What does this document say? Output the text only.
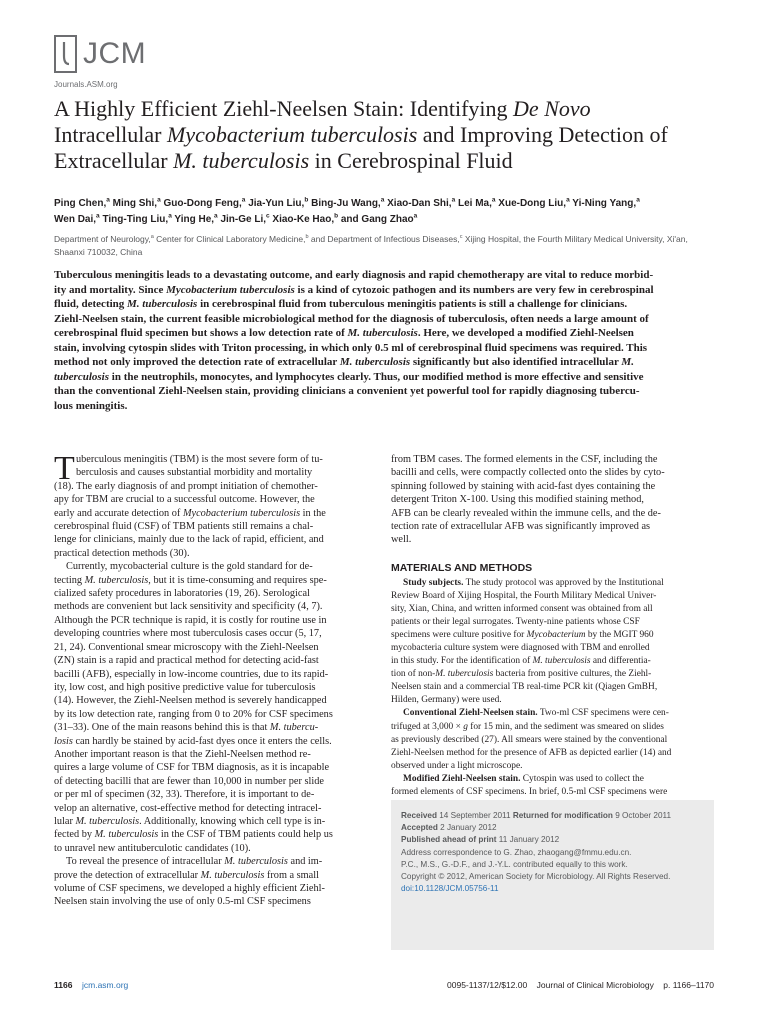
JCM
Journals.ASM.org
A Highly Efficient Ziehl-Neelsen Stain: Identifying De Novo
Intracellular Mycobacterium tuberculosis and Improving Detection of
Extracellular M. tuberculosis in Cerebrospinal Fluid
Ping Chen,$^a$ Ming Shi,$^a$ Guo-Dong Feng,$^a$ Jia-Yun Liu,$^b$ Bing-Ju Wang,$^a$ Xiao-Dan Shi,$^a$ Lei Ma,$^a$ Xue-Dong Liu,$^a$ Yi-Ning Yang,$^a$
Wen Dai,$^a$ Ting-Ting Liu,$^a$ Ying He,$^a$ Jin-Ge Li,$^c$ Xiao-Ke Hao,$^b$ and Gang Zhao$^a$
Department of Neurology,$^a$ Center for Clinical Laboratory Medicine,$^b$ and Department of Infectious Diseases,$^c$ Xijing Hospital, the Fourth Military Medical University, Xi'an,
Shaanxi 710032, China
Tuberculous meningitis leads to a devastating outcome, and early diagnosis and rapid chemotherapy are vital to reduce morbid-
ity and mortality. Since Mycobacterium tuberculosis is a kind of cytozoic pathogen and its numbers are very few in cerebrospinal
fluid, detecting M. tuberculosis in cerebrospinal fluid from tuberculous meningitis patients is still a challenge for clinicians.
Ziehl-Neelsen stain, the current feasible microbiological method for the diagnosis of tuberculosis, often needs a large amount of
cerebrospinal fluid specimen but shows a low detection rate of M. tuberculosis. Here, we developed a modified Ziehl-Neelsen
stain, involving cytospin slides with Triton processing, in which only 0.5 ml of cerebrospinal fluid specimens was required. This
method not only improved the detection rate of extracellular M. tuberculosis significantly but also identified intracellular M.
tuberculosis in the neutrophils, monocytes, and lymphocytes clearly. Thus, our modified method is more effective and sensitive
than the conventional Ziehl-Neelsen stain, providing clinicians a convenient yet powerful tool for rapidly diagnosing tubercu-
lous meningitis.
T uberculous meningitis (TBM) is the most severe form of tu-
berculosis and causes substantial morbidity and mortality
(18). The early diagnosis of and prompt initiation of chemother-
apy for TBM are crucial to a successful outcome. However, the
early and accurate detection of Mycobacterium tuberculosis in the
cerebrospinal fluid (CSF) of TBM patients still remains a chal-
lenge for clinicians, mainly due to the lack of rapid, efficient, and
practical detection methods (30).
Currently, mycobacterial culture is the gold standard for de-
tecting M. tuberculosis, but it is time-consuming and requires spe-
cialized safety procedures in laboratories (19, 26). Serological
methods are convenient but lack sensitivity and specificity (4, 7).
Although the PCR technique is rapid, it is costly for routine use in
developing countries where most tuberculosis cases occur (5, 17,
21, 24). Conventional smear microscopy with the Ziehl-Neelsen
(ZN) stain is a rapid and practical method for detecting acid-fast
bacilli (AFB), especially in low-income countries, due to its rapid-
ity, low cost, and high positive predictive value for tuberculosis
(14). However, the Ziehl-Neelsen method is severely handicapped
by its low detection rate, ranging from 0 to 20% for CSF specimens
(31–33). One of the main reasons behind this is that M. tubercu-
losis can hardly be stained by acid-fast dyes once it enters the cells.
Another important reason is that the Ziehl-Neelsen method re-
quires a large volume of CSF for TBM diagnosis, as it is incapable
of detecting bacilli that are fewer than 10,000 in number per slide
or per ml of specimen (32, 33). Therefore, it is important to de-
velop an alternative, cost-effective method for detecting intracel-
lular M. tuberculosis. Additionally, knowing which cell type is in-
fected by M. tuberculosis in the CSF of TBM patients could help us
to unravel new antituberculotic candidates (10).
To reveal the presence of intracellular M. tuberculosis and im-
prove the detection of extracellular M. tuberculosis from a small
volume of CSF specimens, we developed a highly efficient Ziehl-
Neelsen stain involving the use of only 0.5-ml CSF specimens
from TBM cases. The formed elements in the CSF, including the
bacilli and cells, were compactly collected onto the slides by cyto-
spinning followed by staining with acid-fast dyes containing the
detergent Triton X-100. Using this modified staining method,
AFB can be clearly revealed within the immune cells, and the de-
tection rate of extracellular AFB was significantly improved as
well.
MATERIALS AND METHODS
Study subjects. The study protocol was approved by the Institutional
Review Board of Xijing Hospital, the Fourth Military Medical Univer-
sity, Xian, China, and written informed consent was obtained from all
patients or their legal surrogates. Twenty-nine patients whose CSF
specimens were culture positive for Mycobacterium by the MGIT 960
mycobacteria culture system were diagnosed with TBM and enrolled
in this study. For the identification of M. tuberculosis and differentia-
tion of non-M. tuberculosis bacteria from positive cultures, the Ziehl-
Neelsen stain and a commercial TB real-time PCR kit (Qiagen GmBH,
Hilden, Germany) were used.
Conventional Ziehl-Neelsen stain. Two-ml CSF specimens were cen-
trifuged at 3,000 × g for 15 min, and the sediment was smeared on slides
as previously described (27). All smears were stained by the conventional
Ziehl-Neelsen method for the presence of AFB as depicted earlier (14) and
observed under a light microscope.
Modified Ziehl-Neelsen stain. Cytospin was used to collect the
formed elements of CSF specimens. In brief, 0.5-ml CSF specimens were
Received 14 September 2011 Returned for modification 9 October 2011
Accepted 2 January 2012
Published ahead of print 11 January 2012
Address correspondence to G. Zhao, zhaogang@fmmu.edu.cn.
P.C., M.S., G.-D.F., and J.-Y.L. contributed equally to this work.
Copyright © 2012, American Society for Microbiology. All Rights Reserved.
doi:10.1128/JCM.05756-11
1166 jcm.asm.org	0095-1137/12/$12.00    Journal of Clinical Microbiology    p. 1166–1170
